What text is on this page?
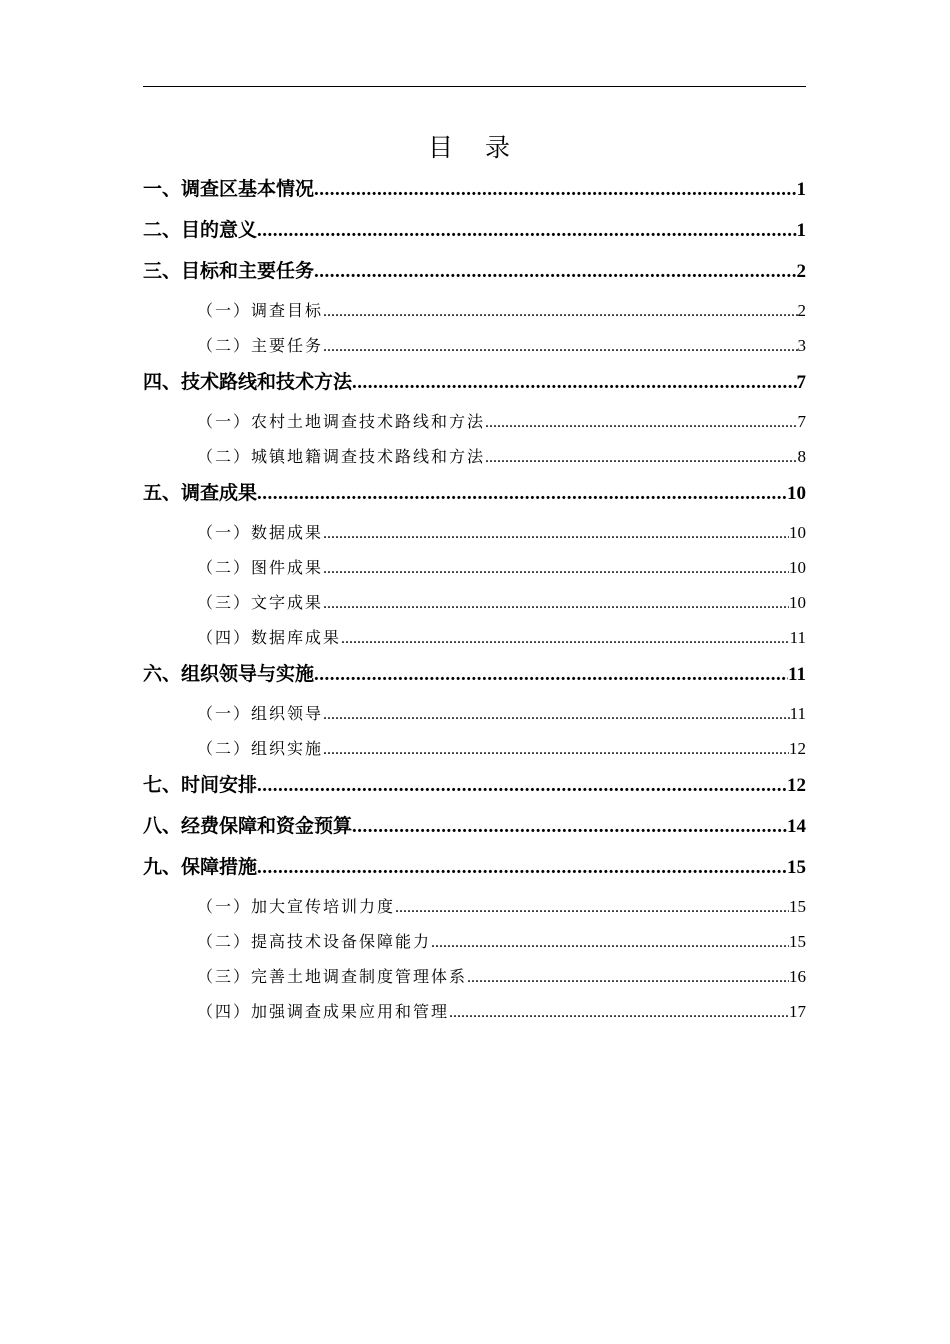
目 录
一、调查区基本情况 .....	1
二、目的意义 .....	1
三、目标和主要任务 .....	2
（一）调查目标 .....	2
（二）主要任务 .....	3
四、技术路线和技术方法 .....	7
（一）农村土地调查技术路线和方法 .....	7
（二）城镇地籍调查技术路线和方法 .....	8
五、调查成果 .....	10
（一）数据成果 .....	10
（二）图件成果 .....	10
（三）文字成果 .....	10
（四）数据库成果 .....	11
六、组织领导与实施 .....	11
（一）组织领导 .....	11
（二）组织实施 .....	12
七、时间安排 .....	12
八、经费保障和资金预算 .....	14
九、保障措施 .....	15
（一）加大宣传培训力度 .....	15
（二）提高技术设备保障能力 .....	15
（三）完善土地调查制度管理体系 .....	16
（四）加强调查成果应用和管理 .....	17
